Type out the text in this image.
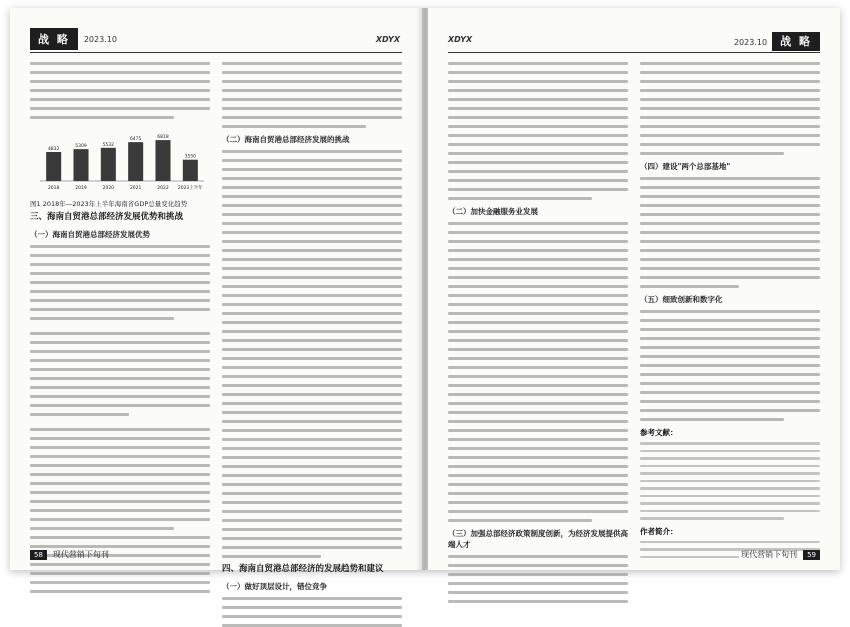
战 略	2023.10	XDYX
4832
2018
5309
2019
5532
2020
6475
2021
6818
2022
3550
2023上半年
图1 2018年—2023年上半年海南省GDP总量变化趋势
三、海南自贸港总部经济发展优势和挑战
（一）海南自贸港总部经济发展优势
（二）海南自贸港总部经济发展的挑战
四、海南自贸港总部经济的发展趋势和建议
（一）做好顶层设计，错位竞争
58	现代营销下旬刊
XDYX	2023.10 战 略
（二）加快金融服务业发展
（三）加强总部经济政策制度创新，为经济发展提供高端人才
（四）建设"两个总部基地"
（五）细致创新和数字化
参考文献：
作者简介：
现代营销下旬刊	59
